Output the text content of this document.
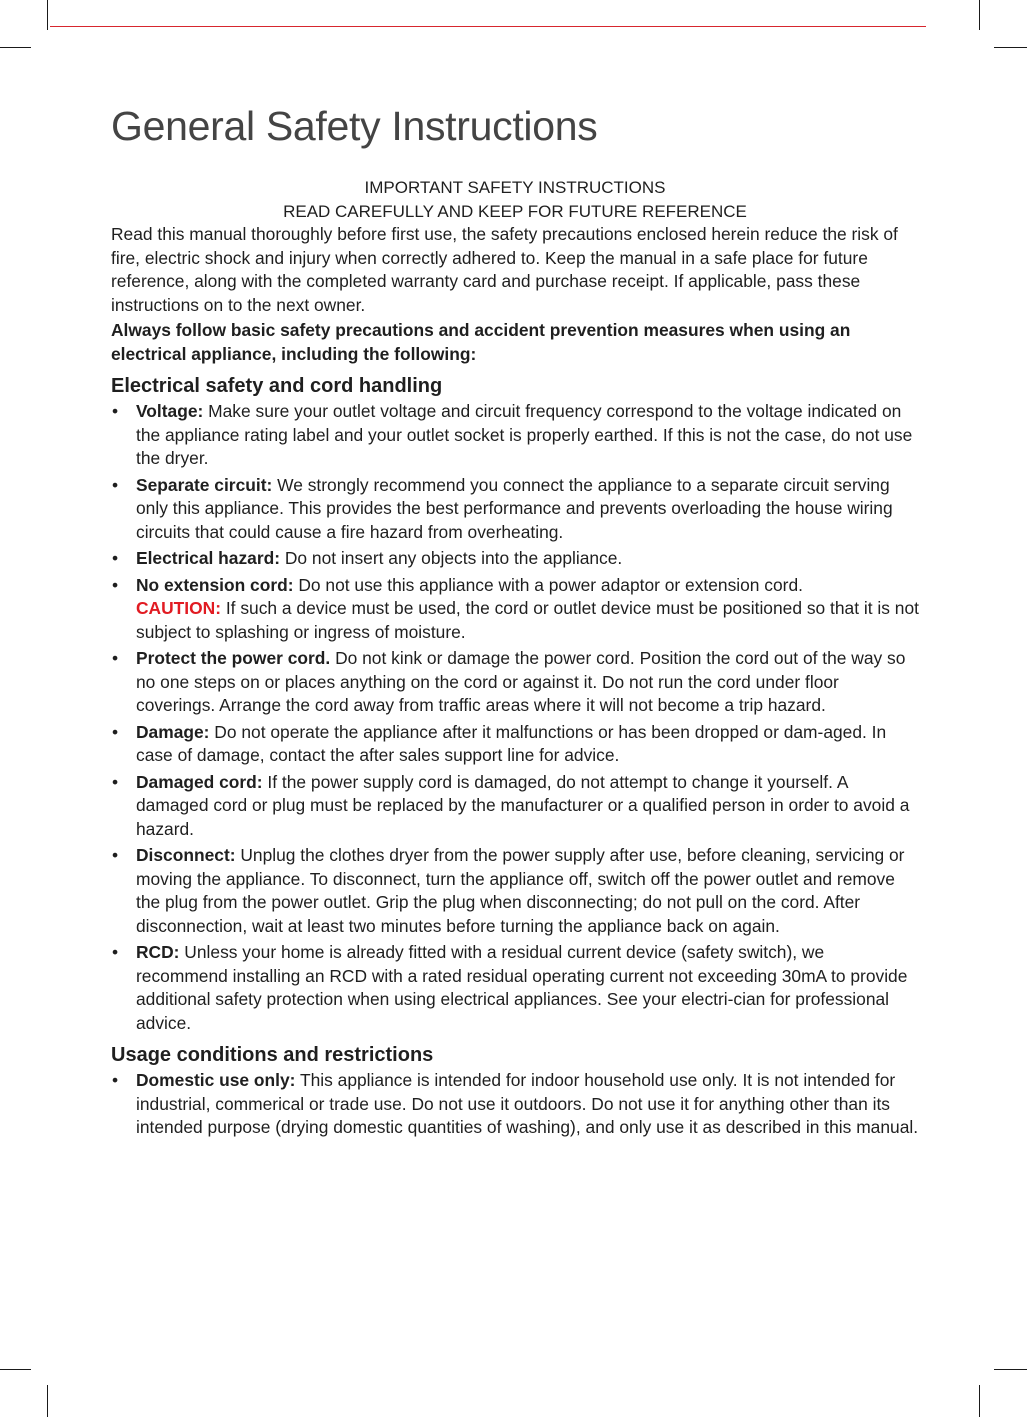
General Safety Instructions
IMPORTANT SAFETY INSTRUCTIONS
READ CAREFULLY AND KEEP FOR FUTURE REFERENCE
Read this manual thoroughly before first use, the safety precautions enclosed herein reduce the risk of fire, electric shock and injury when correctly adhered to. Keep the manual in a safe place for future reference, along with the completed warranty card and purchase receipt. If applicable, pass these instructions on to the next owner.
Always follow basic safety precautions and accident prevention measures when using an electrical appliance, including the following:
Electrical safety and cord handling
• Voltage: Make sure your outlet voltage and circuit frequency correspond to the voltage indicated on the appliance rating label and your outlet socket is properly earthed. If this is not the case, do not use the dryer.
• Separate circuit: We strongly recommend you connect the appliance to a separate circuit serving only this appliance. This provides the best performance and prevents overloading the house wiring circuits that could cause a fire hazard from overheating.
• Electrical hazard: Do not insert any objects into the appliance.
• No extension cord: Do not use this appliance with a power adaptor or extension cord.
CAUTION: If such a device must be used, the cord or outlet device must be positioned so that it is not subject to splashing or ingress of moisture.
• Protect the power cord. Do not kink or damage the power cord. Position the cord out of the way so no one steps on or places anything on the cord or against it. Do not run the cord under floor coverings. Arrange the cord away from traffic areas where it will not become a trip hazard.
• Damage: Do not operate the appliance after it malfunctions or has been dropped or dam-aged. In case of damage, contact the after sales support line for advice.
• Damaged cord: If the power supply cord is damaged, do not attempt to change it yourself. A damaged cord or plug must be replaced by the manufacturer or a qualified person in order to avoid a hazard.
• Disconnect: Unplug the clothes dryer from the power supply after use, before cleaning, servicing or moving the appliance. To disconnect, turn the appliance off, switch off the power outlet and remove the plug from the power outlet. Grip the plug when disconnecting; do not pull on the cord. After disconnection, wait at least two minutes before turning the appliance back on again.
• RCD: Unless your home is already fitted with a residual current device (safety switch), we recommend installing an RCD with a rated residual operating current not exceeding 30mA to provide additional safety protection when using electrical appliances. See your electri-cian for professional advice.
Usage conditions and restrictions
• Domestic use only: This appliance is intended for indoor household use only. It is not intended for industrial, commerical or trade use. Do not use it outdoors. Do not use it for anything other than its intended purpose (drying domestic quantities of washing), and only use it as described in this manual.
